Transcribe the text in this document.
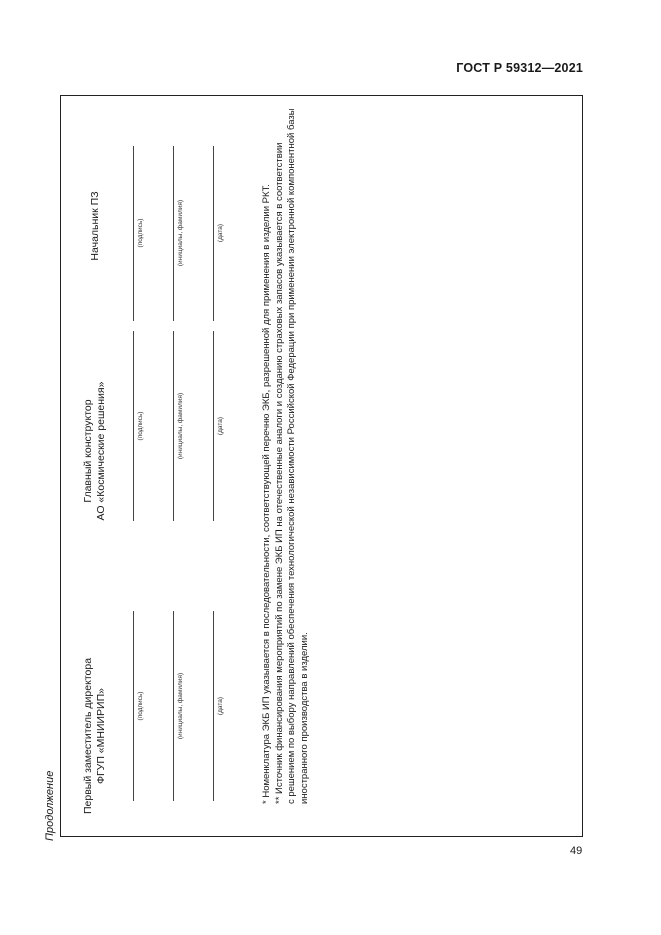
ГОСТ Р 59312—2021
Продолжение Первый заместитель директора ФГУП «МНИИРИП»	(подпись)	(инициалы, фамилия)	(дата)
Главный конструктор АО «Космические решения»	(подпись)	(инициалы, фамилия)	(дата)
Начальник ПЗ	(подпись)	(инициалы, фамилия)	(дата)	* Номенклатура ЭКБ ИП указывается в последовательности, соответствующей перечню ЭКБ, разрешенной для применения в изделии РКТ. ** Источник финансирования мероприятий по замене ЭКБ ИП на отечественные аналоги и созданию страховых запасов указывается в соответствии с решением по выбору направлений обеспечения технологической независимости Российской Федерации при применении электронной компонентной базы иностранного производства в изделии.
49
